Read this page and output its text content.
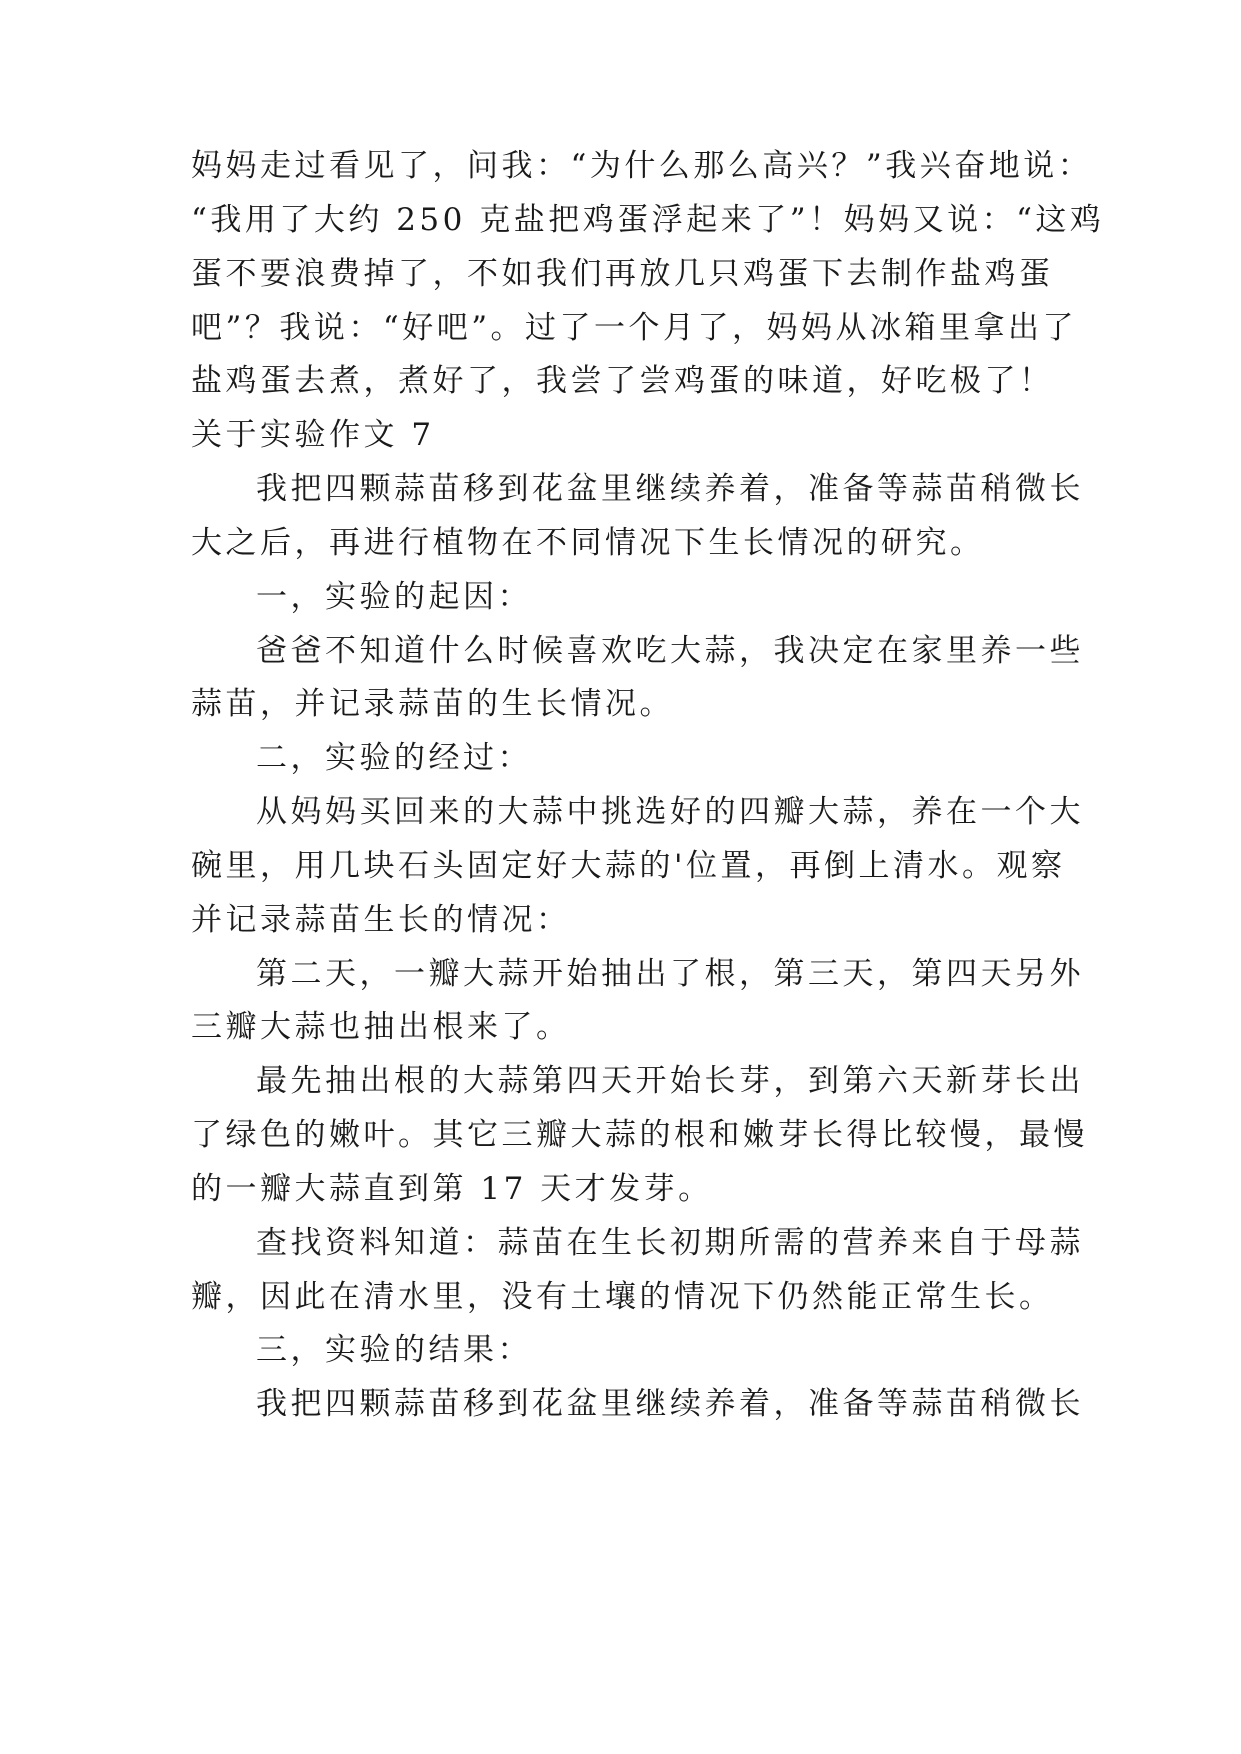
妈妈走过看见了，问我：“为什么那么高兴？”我兴奋地说：
“我用了大约 250 克盐把鸡蛋浮起来了”！妈妈又说：“这鸡
蛋不要浪费掉了，不如我们再放几只鸡蛋下去制作盐鸡蛋
吧”？我说：“好吧”。过了一个月了，妈妈从冰箱里拿出了
盐鸡蛋去煮，煮好了，我尝了尝鸡蛋的味道，好吃极了！
关于实验作文 7
我把四颗蒜苗移到花盆里继续养着，准备等蒜苗稍微长
大之后，再进行植物在不同情况下生长情况的研究。
一，实验的起因：
爸爸不知道什么时候喜欢吃大蒜，我决定在家里养一些
蒜苗，并记录蒜苗的生长情况。
二，实验的经过：
从妈妈买回来的大蒜中挑选好的四瓣大蒜，养在一个大
碗里，用几块石头固定好大蒜的'位置，再倒上清水。观察
并记录蒜苗生长的情况：
第二天，一瓣大蒜开始抽出了根，第三天，第四天另外
三瓣大蒜也抽出根来了。
最先抽出根的大蒜第四天开始长芽，到第六天新芽长出
了绿色的嫩叶。其它三瓣大蒜的根和嫩芽长得比较慢，最慢
的一瓣大蒜直到第 17 天才发芽。
查找资料知道：蒜苗在生长初期所需的营养来自于母蒜
瓣，因此在清水里，没有土壤的情况下仍然能正常生长。
三，实验的结果：
我把四颗蒜苗移到花盆里继续养着，准备等蒜苗稍微长
